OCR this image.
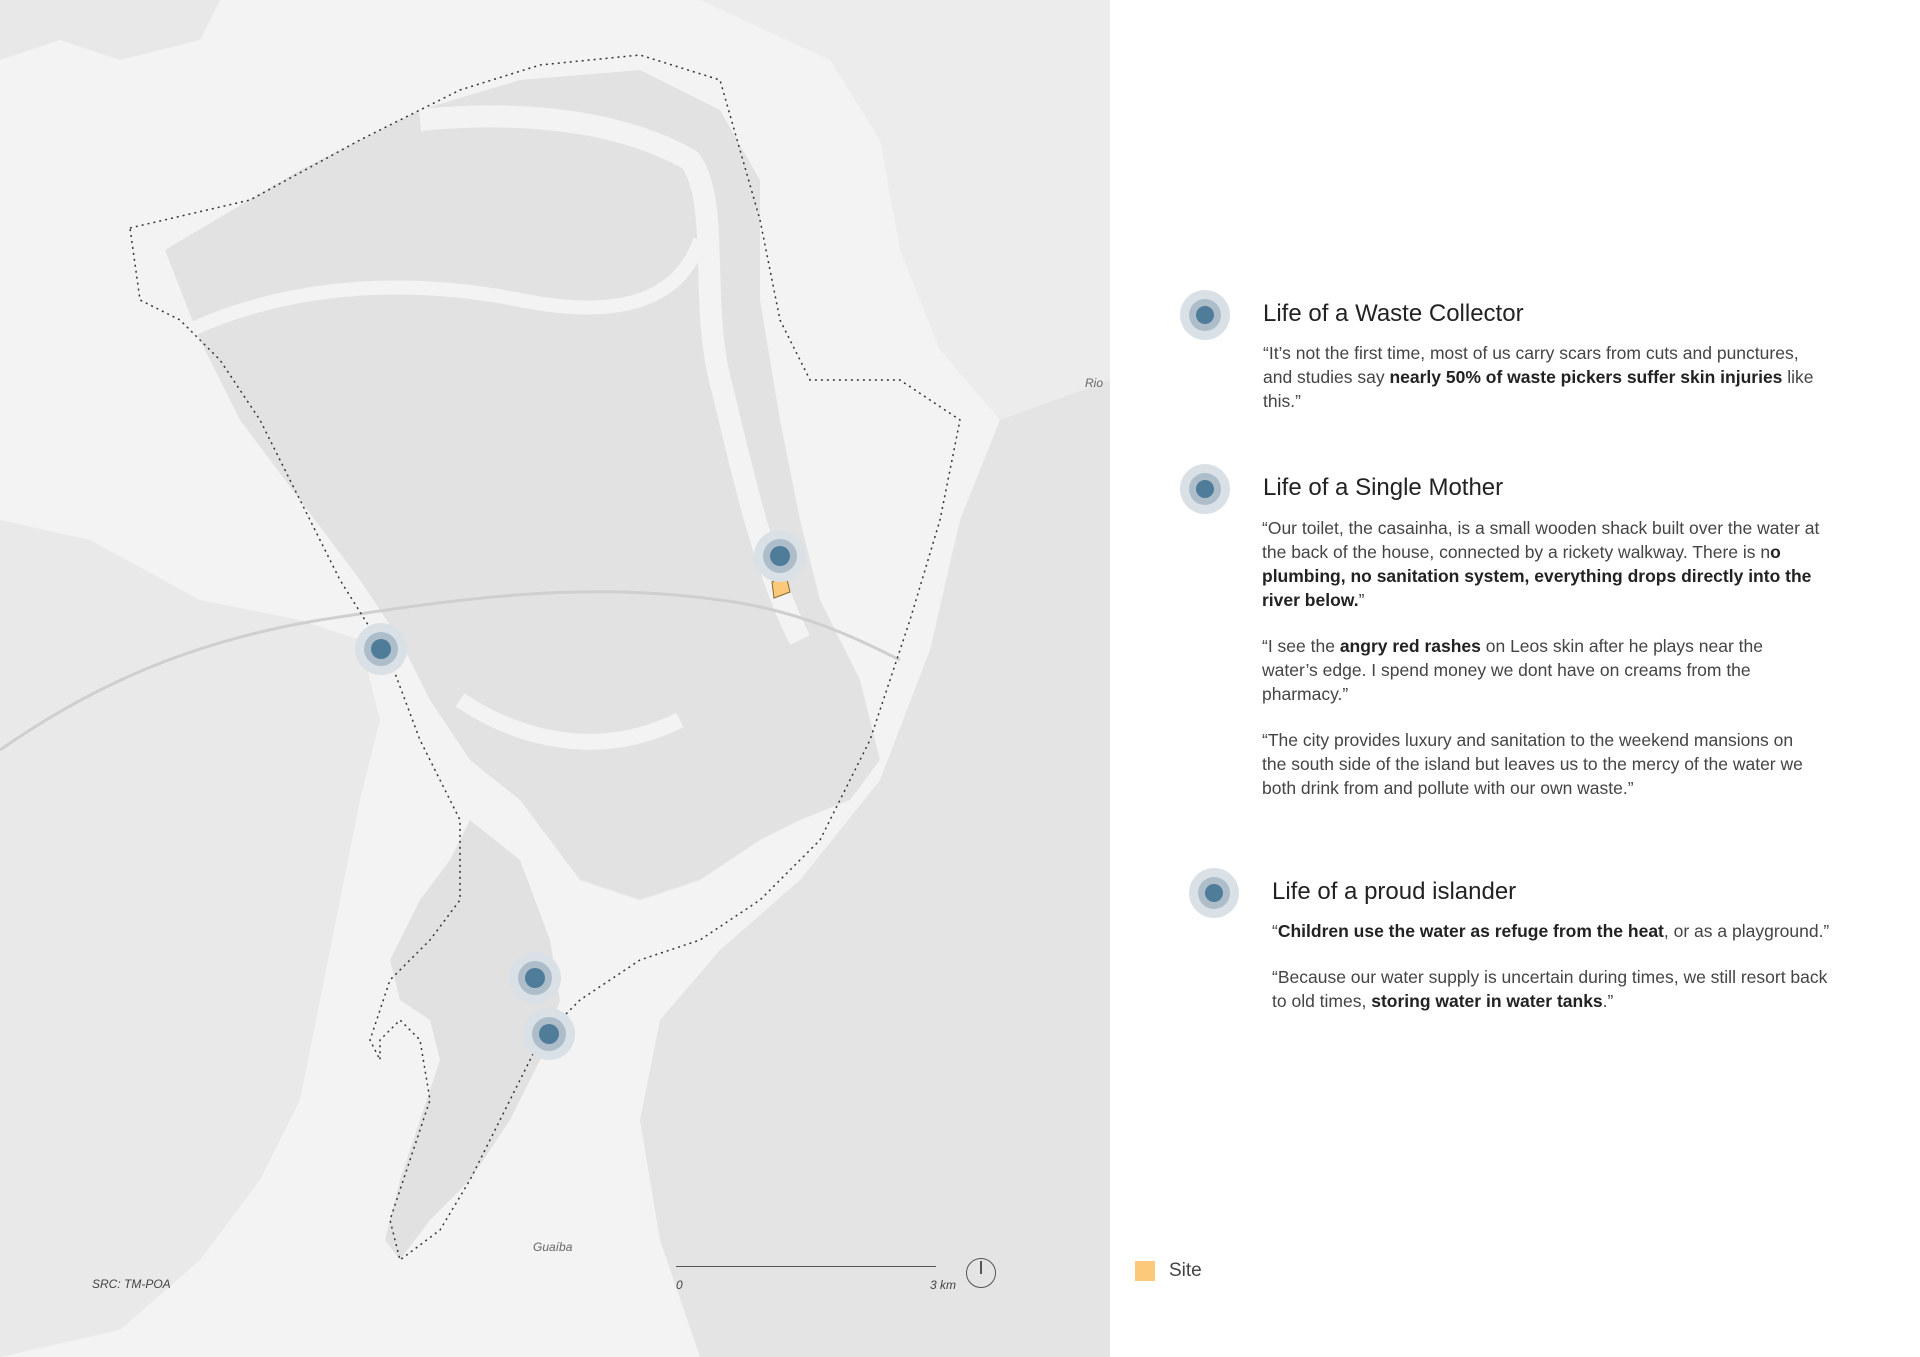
Rio
Guaíba
SRC: TM-POA	0	3 km
Life of a Waste Collector

“It’s not the first time, most of us carry scars from cuts and punctures, and studies say nearly 50% of waste pickers suffer skin injuries like this.”

Life of a Single Mother

“Our toilet, the casainha, is a small wooden shack built over the water at the back of the house, connected by a rickety walkway. There is no plumbing, no sanitation system, everything drops directly into the river below.”

“I see the angry red rashes on Leos skin after he plays near the water’s edge. I spend money we dont have on creams from the pharmacy.”

“The city provides luxury and sanitation to the weekend mansions on the south side of the island but leaves us to the mercy of the water we both drink from and pollute with our own waste.”

Life of a proud islander

“Children use the water as refuge from the heat, or as a playground.”

“Because our water supply is uncertain during times, we still resort back to old times, storing water in water tanks.”

Site
